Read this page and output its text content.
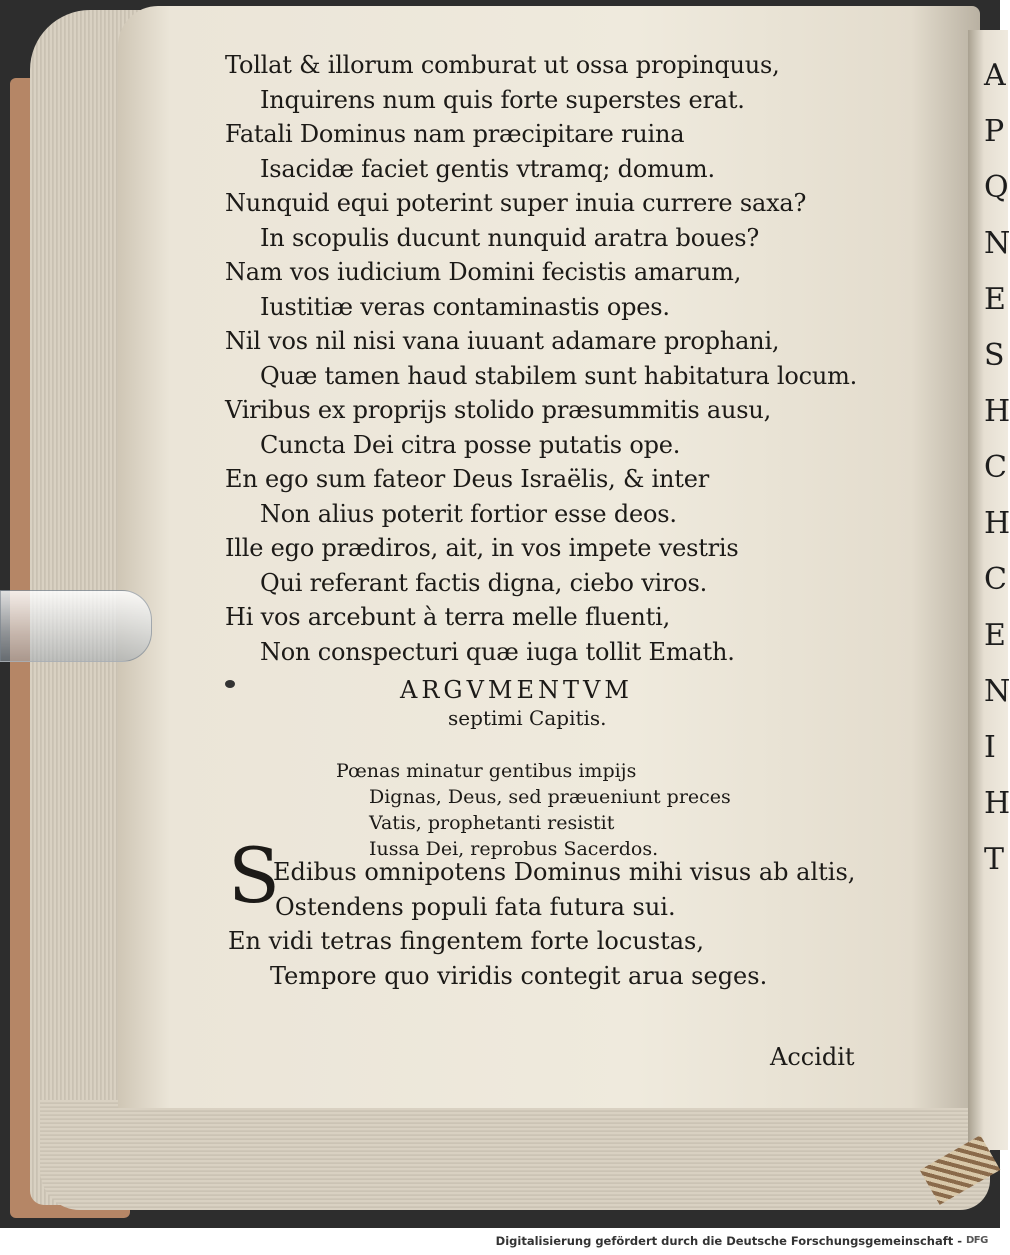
A
P
Q
N
E
S
H
C
H
C
E
N
I
H
T
Tollat & illorum comburat ut ossa propinquus,
Inquirens num quis forte superstes erat.
Fatali Dominus nam præcipitare ruina
Isacidæ faciet gentis vtramq; domum.
Nunquid equi poterint super inuia currere saxa?
In scopulis ducunt nunquid aratra boues?
Nam vos iudicium Domini fecistis amarum,
Iustitiæ veras contaminastis opes.
Nil vos nil nisi vana iuuant adamare prophani,
Quæ tamen haud stabilem sunt habitatura locum.
Viribus ex proprijs stolido præsummitis ausu,
Cuncta Dei citra posse putatis ope.
En ego sum fateor Deus Israëlis, & inter
Non alius poterit fortior esse deos.
Ille ego prædiros, ait, in vos impete vestris
Qui referant factis digna, ciebo viros.
Hi vos arcebunt à terra melle fluenti,
Non conspecturi quæ iuga tollit Emath.
ARGVMENTVM
septimi Capitis.
Pœnas minatur gentibus impijs
Dignas, Deus, sed præueniunt preces
Vatis, prophetanti resistit
Iussa Dei, reprobus Sacerdos.
S
Edibus omnipotens Dominus mihi visus ab altis,
Ostendens populi fata futura sui.
En vidi tetras fingentem forte locustas,
Tempore quo viridis contegit arua seges.
Accidit
Digitalisierung gefördert durch die Deutsche Forschungsgemeinschaft - DFG
